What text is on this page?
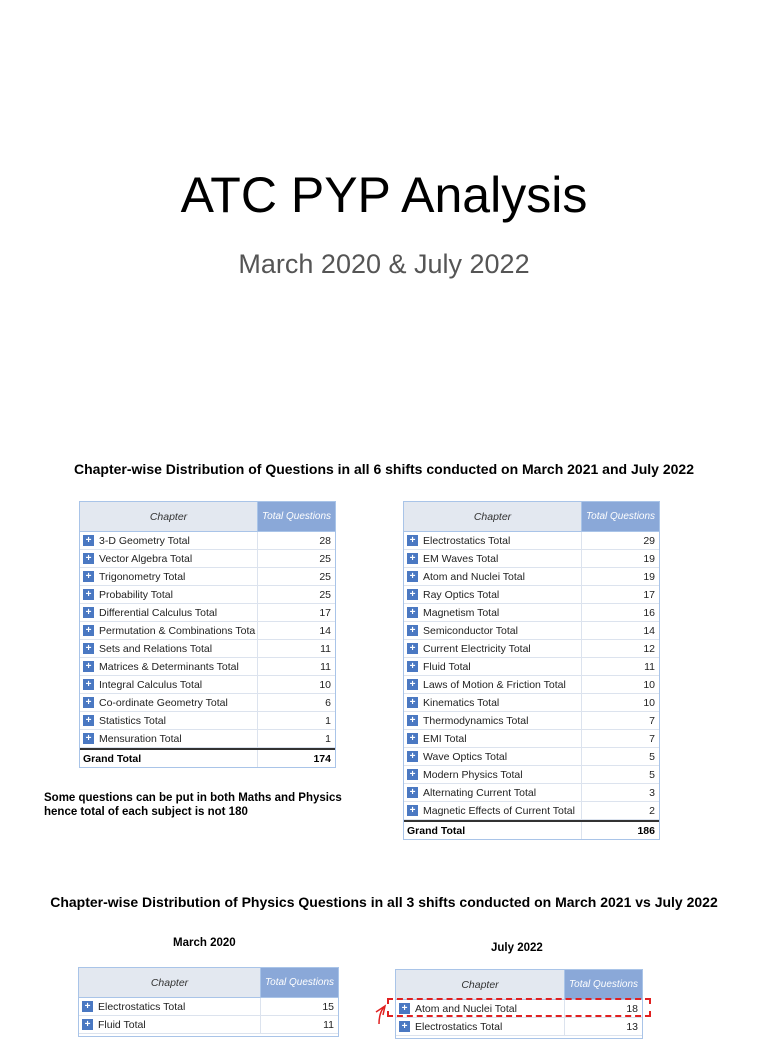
ATC PYP Analysis
March 2020 & July 2022
Chapter-wise Distribution of Questions in all 6 shifts conducted on March 2021 and July 2022
Chapter	Total Questions
+ 3-D Geometry Total	28
+ Vector Algebra Total	25
+ Trigonometry Total	25
+ Probability Total	25
+ Differential Calculus Total	17
+ Permutation & Combinations Tota	14
+ Sets and Relations Total	11
+ Matrices & Determinants Total	11
+ Integral Calculus Total	10
+ Co-ordinate Geometry Total	6
+ Statistics Total	1
+ Mensuration Total	1
Grand Total	174
Chapter	Total Questions
+ Electrostatics Total	29
+ EM Waves Total	19
+ Atom and Nuclei Total	19
+ Ray Optics Total	17
+ Magnetism Total	16
+ Semiconductor Total	14
+ Current Electricity Total	12
+ Fluid Total	11
+ Laws of Motion & Friction Total	10
+ Kinematics Total	10
+ Thermodynamics Total	7
+ EMI Total	7
+ Wave Optics Total	5
+ Modern Physics Total	5
+ Alternating Current Total	3
+ Magnetic Effects of Current Total	2
Grand Total	186
Some questions can be put in both Maths and Physics hence total of each subject is not 180
Chapter-wise Distribution of Physics Questions in all 3 shifts conducted on March 2021 vs July 2022
March 2020	July 2022
Chapter	Total Questions
+ Electrostatics Total	15
+ Fluid Total	11
Chapter	Total Questions
+ Atom and Nuclei Total	18
+ Electrostatics Total	13
